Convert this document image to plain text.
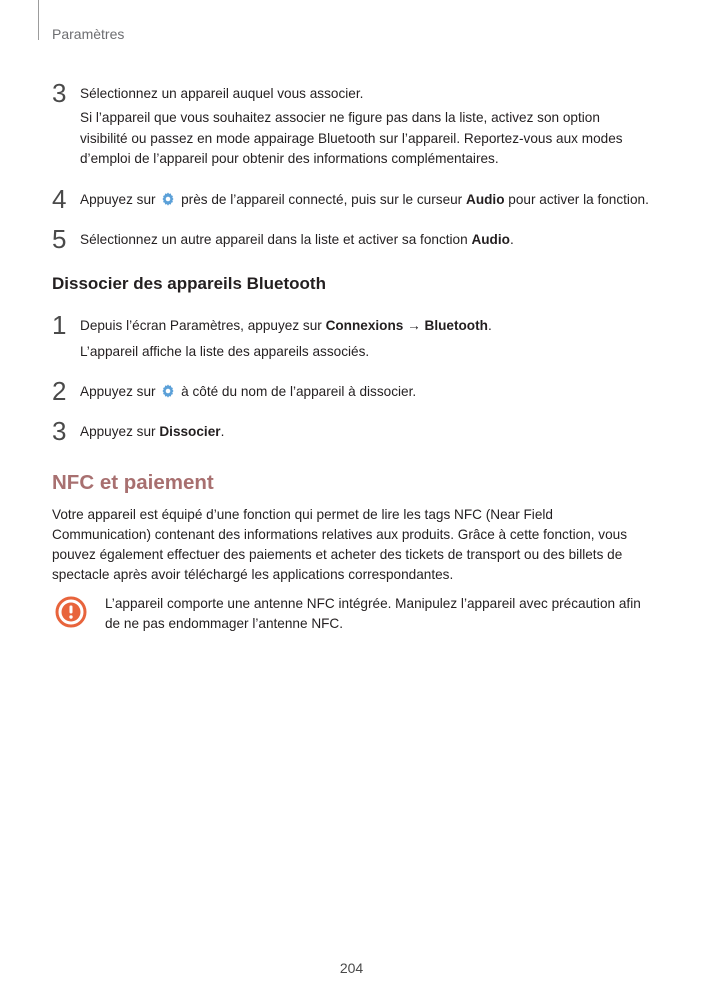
Paramètres
3 Sélectionnez un appareil auquel vous associer.
Si l’appareil que vous souhaitez associer ne figure pas dans la liste, activez son option visibilité ou passez en mode appairage Bluetooth sur l’appareil. Reportez-vous aux modes d’emploi de l’appareil pour obtenir des informations complémentaires.
4 Appuyez sur près de l’appareil connecté, puis sur le curseur Audio pour activer la fonction.
5 Sélectionnez un autre appareil dans la liste et activer sa fonction Audio.
Dissocier des appareils Bluetooth
1 Depuis l’écran Paramètres, appuyez sur Connexions → Bluetooth.
L’appareil affiche la liste des appareils associés.
2 Appuyez sur à côté du nom de l’appareil à dissocier.
3 Appuyez sur Dissocier.
NFC et paiement
Votre appareil est équipé d’une fonction qui permet de lire les tags NFC (Near Field Communication) contenant des informations relatives aux produits. Grâce à cette fonction, vous pouvez également effectuer des paiements et acheter des tickets de transport ou des billets de spectacle après avoir téléchargé les applications correspondantes.
L’appareil comporte une antenne NFC intégrée. Manipulez l’appareil avec précaution afin de ne pas endommager l’antenne NFC.
204
